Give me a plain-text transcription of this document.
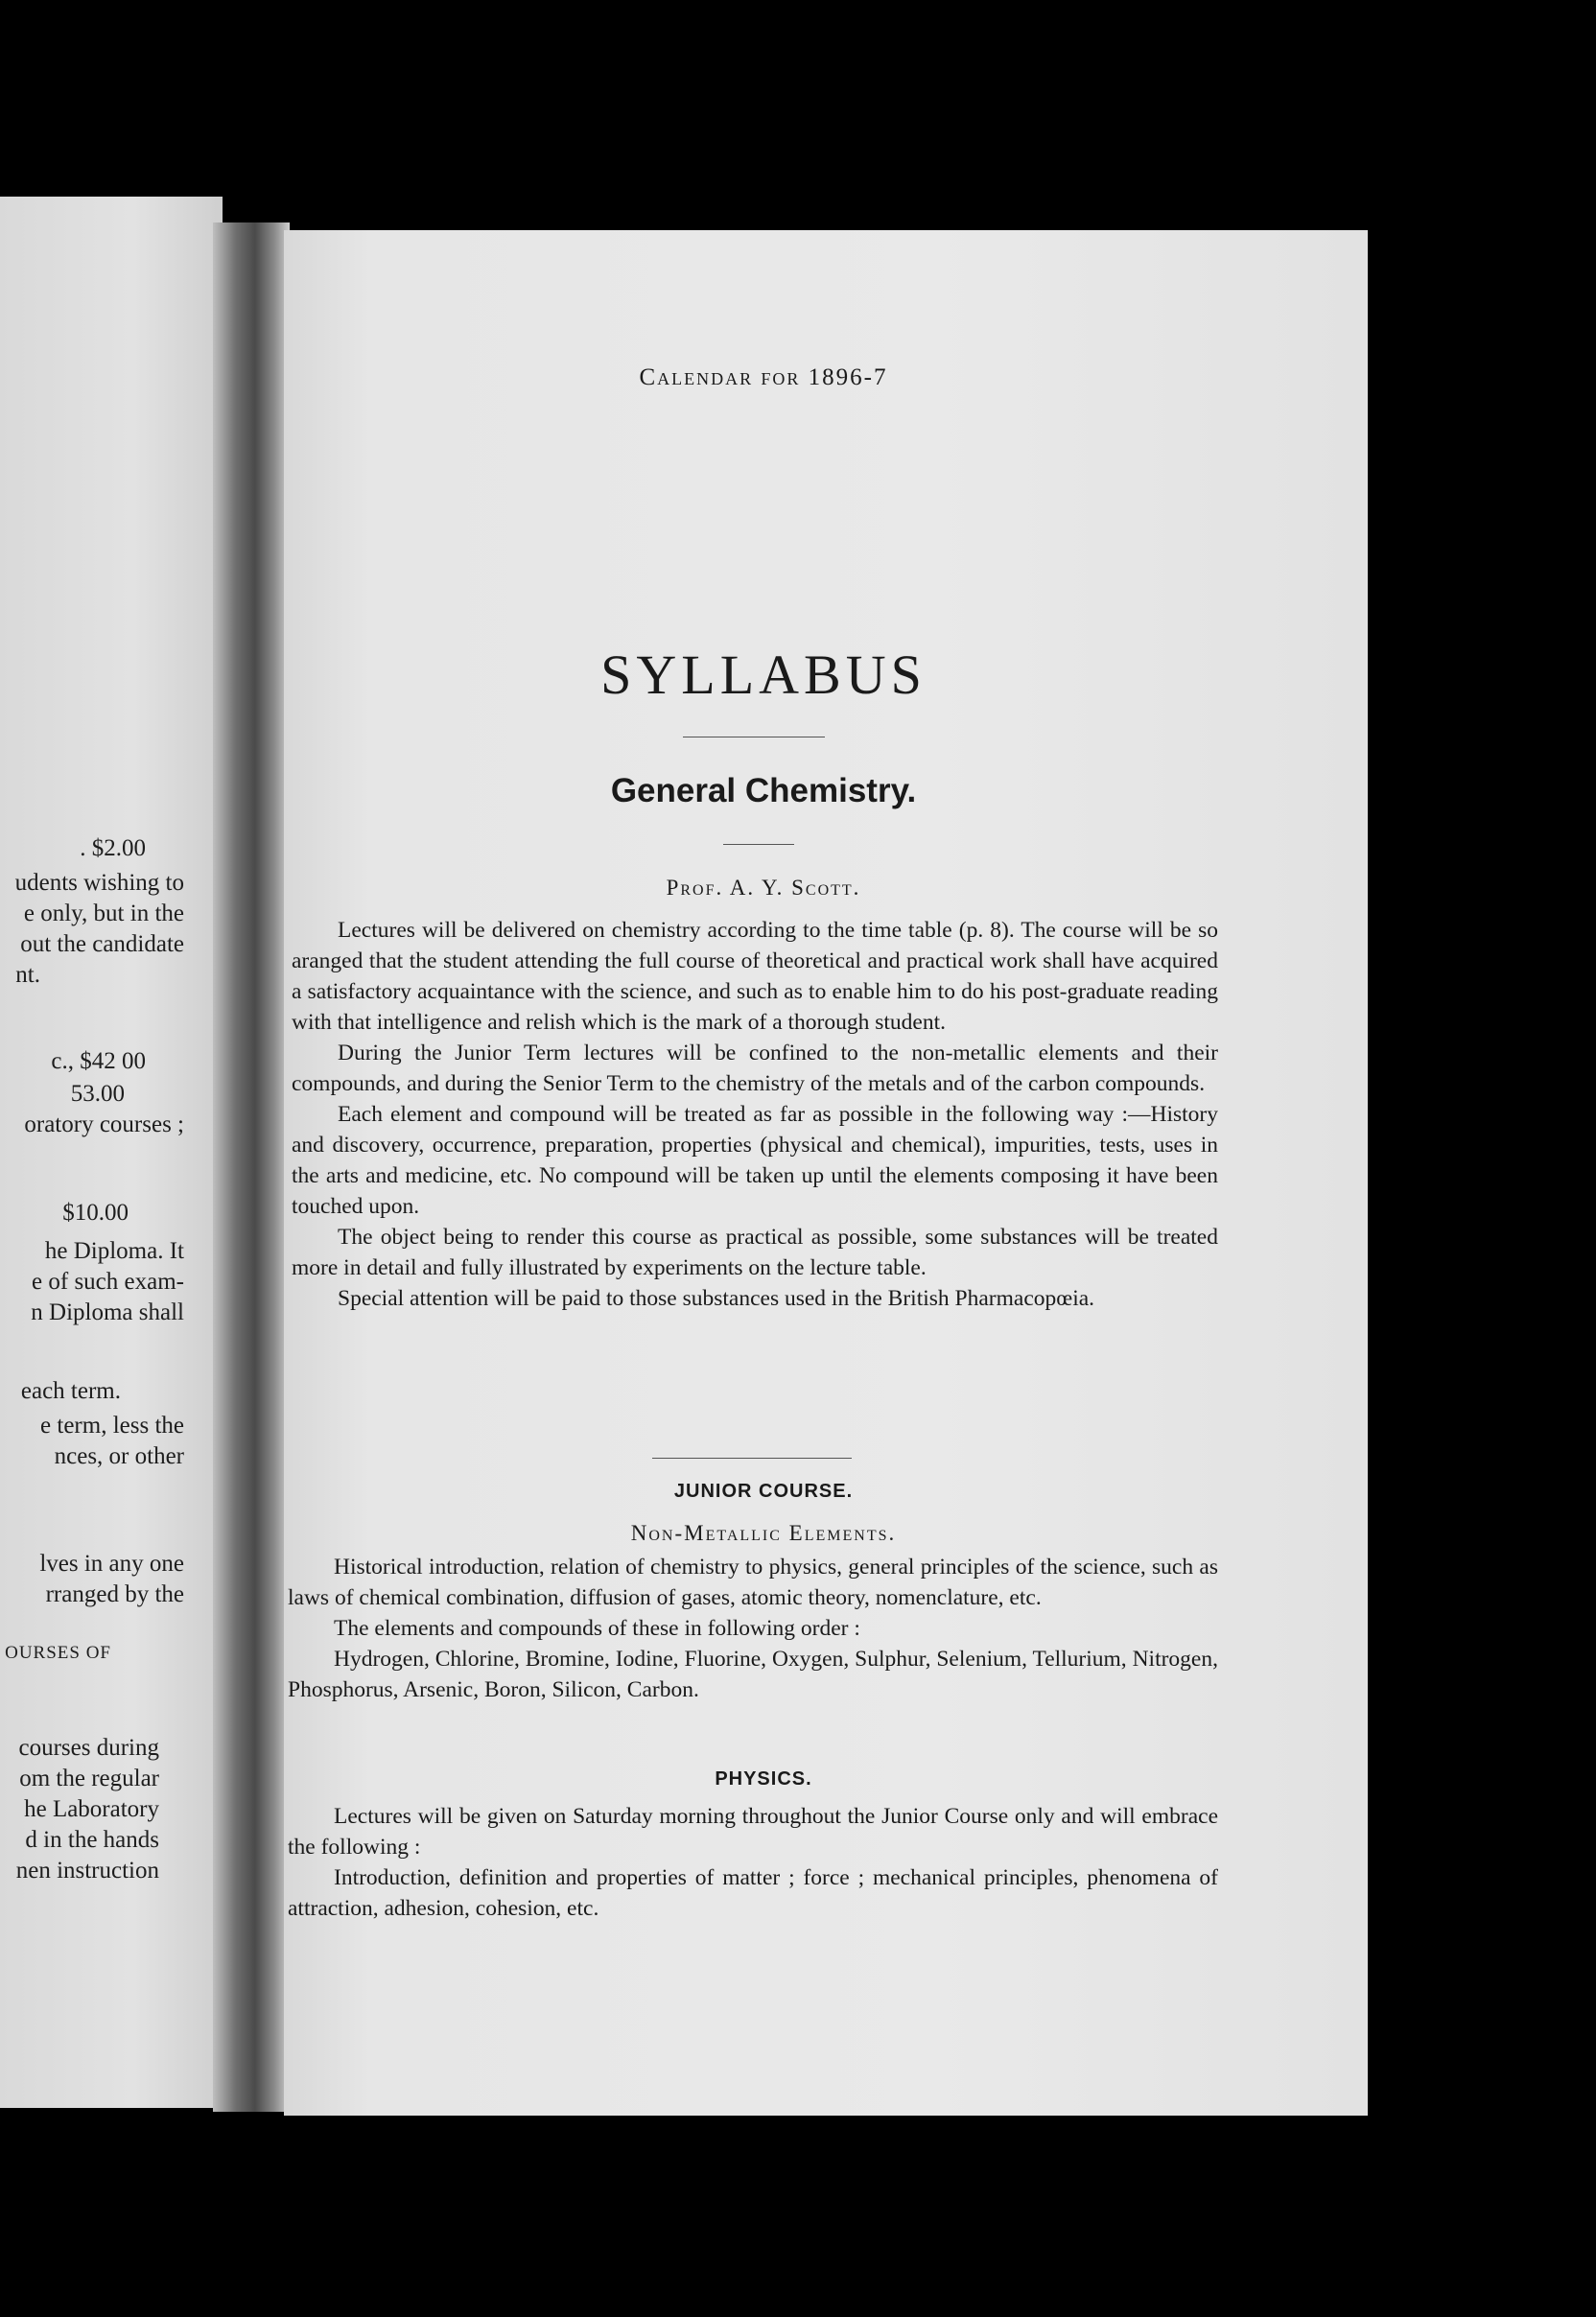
. $2.00
udents wishing to
e only, but in the
out the candidate
nt.
c., $42 00
53.00
oratory courses ;
$10.00
he Diploma. It
e of such exam-
n Diploma shall
each term.
e term, less the
nces, or other
lves in any one
rranged by the
OURSES OF
courses during
om the regular
he Laboratory
d in the hands
nen instruction
Calendar for 1896-7
SYLLABUS
General Chemistry.
Prof. A. Y. Scott.

Lectures will be delivered on chemistry according to the time table (p. 8). The course will be so aranged that the student attending the full course of theoretical and practical work shall have acquired a satisfactory acquaintance with the science, and such as to enable him to do his post-graduate reading with that intelligence and relish which is the mark of a thorough student.

During the Junior Term lectures will be confined to the non-metallic elements and their compounds, and during the Senior Term to the chemistry of the metals and of the carbon compounds.

Each element and compound will be treated as far as possible in the following way :—History and discovery, occurrence, preparation, properties (physical and chemical), impurities, tests, uses in the arts and medicine, etc. No compound will be taken up until the elements composing it have been touched upon.

The object being to render this course as practical as possible, some substances will be treated more in detail and fully illustrated by experiments on the lecture table.

Special attention will be paid to those substances used in the British Pharmacopœia.

JUNIOR COURSE.
Non-Metallic Elements.

Historical introduction, relation of chemistry to physics, general principles of the science, such as laws of chemical combination, diffusion of gases, atomic theory, nomenclature, etc.

The elements and compounds of these in following order :

Hydrogen, Chlorine, Bromine, Iodine, Fluorine, Oxygen, Sulphur, Selenium, Tellurium, Nitrogen, Phosphorus, Arsenic, Boron, Silicon, Carbon.

PHYSICS.

Lectures will be given on Saturday morning throughout the Junior Course only and will embrace the following :

Introduction, definition and properties of matter ; force ; mechanical principles, phenomena of attraction, adhesion, cohesion, etc.
